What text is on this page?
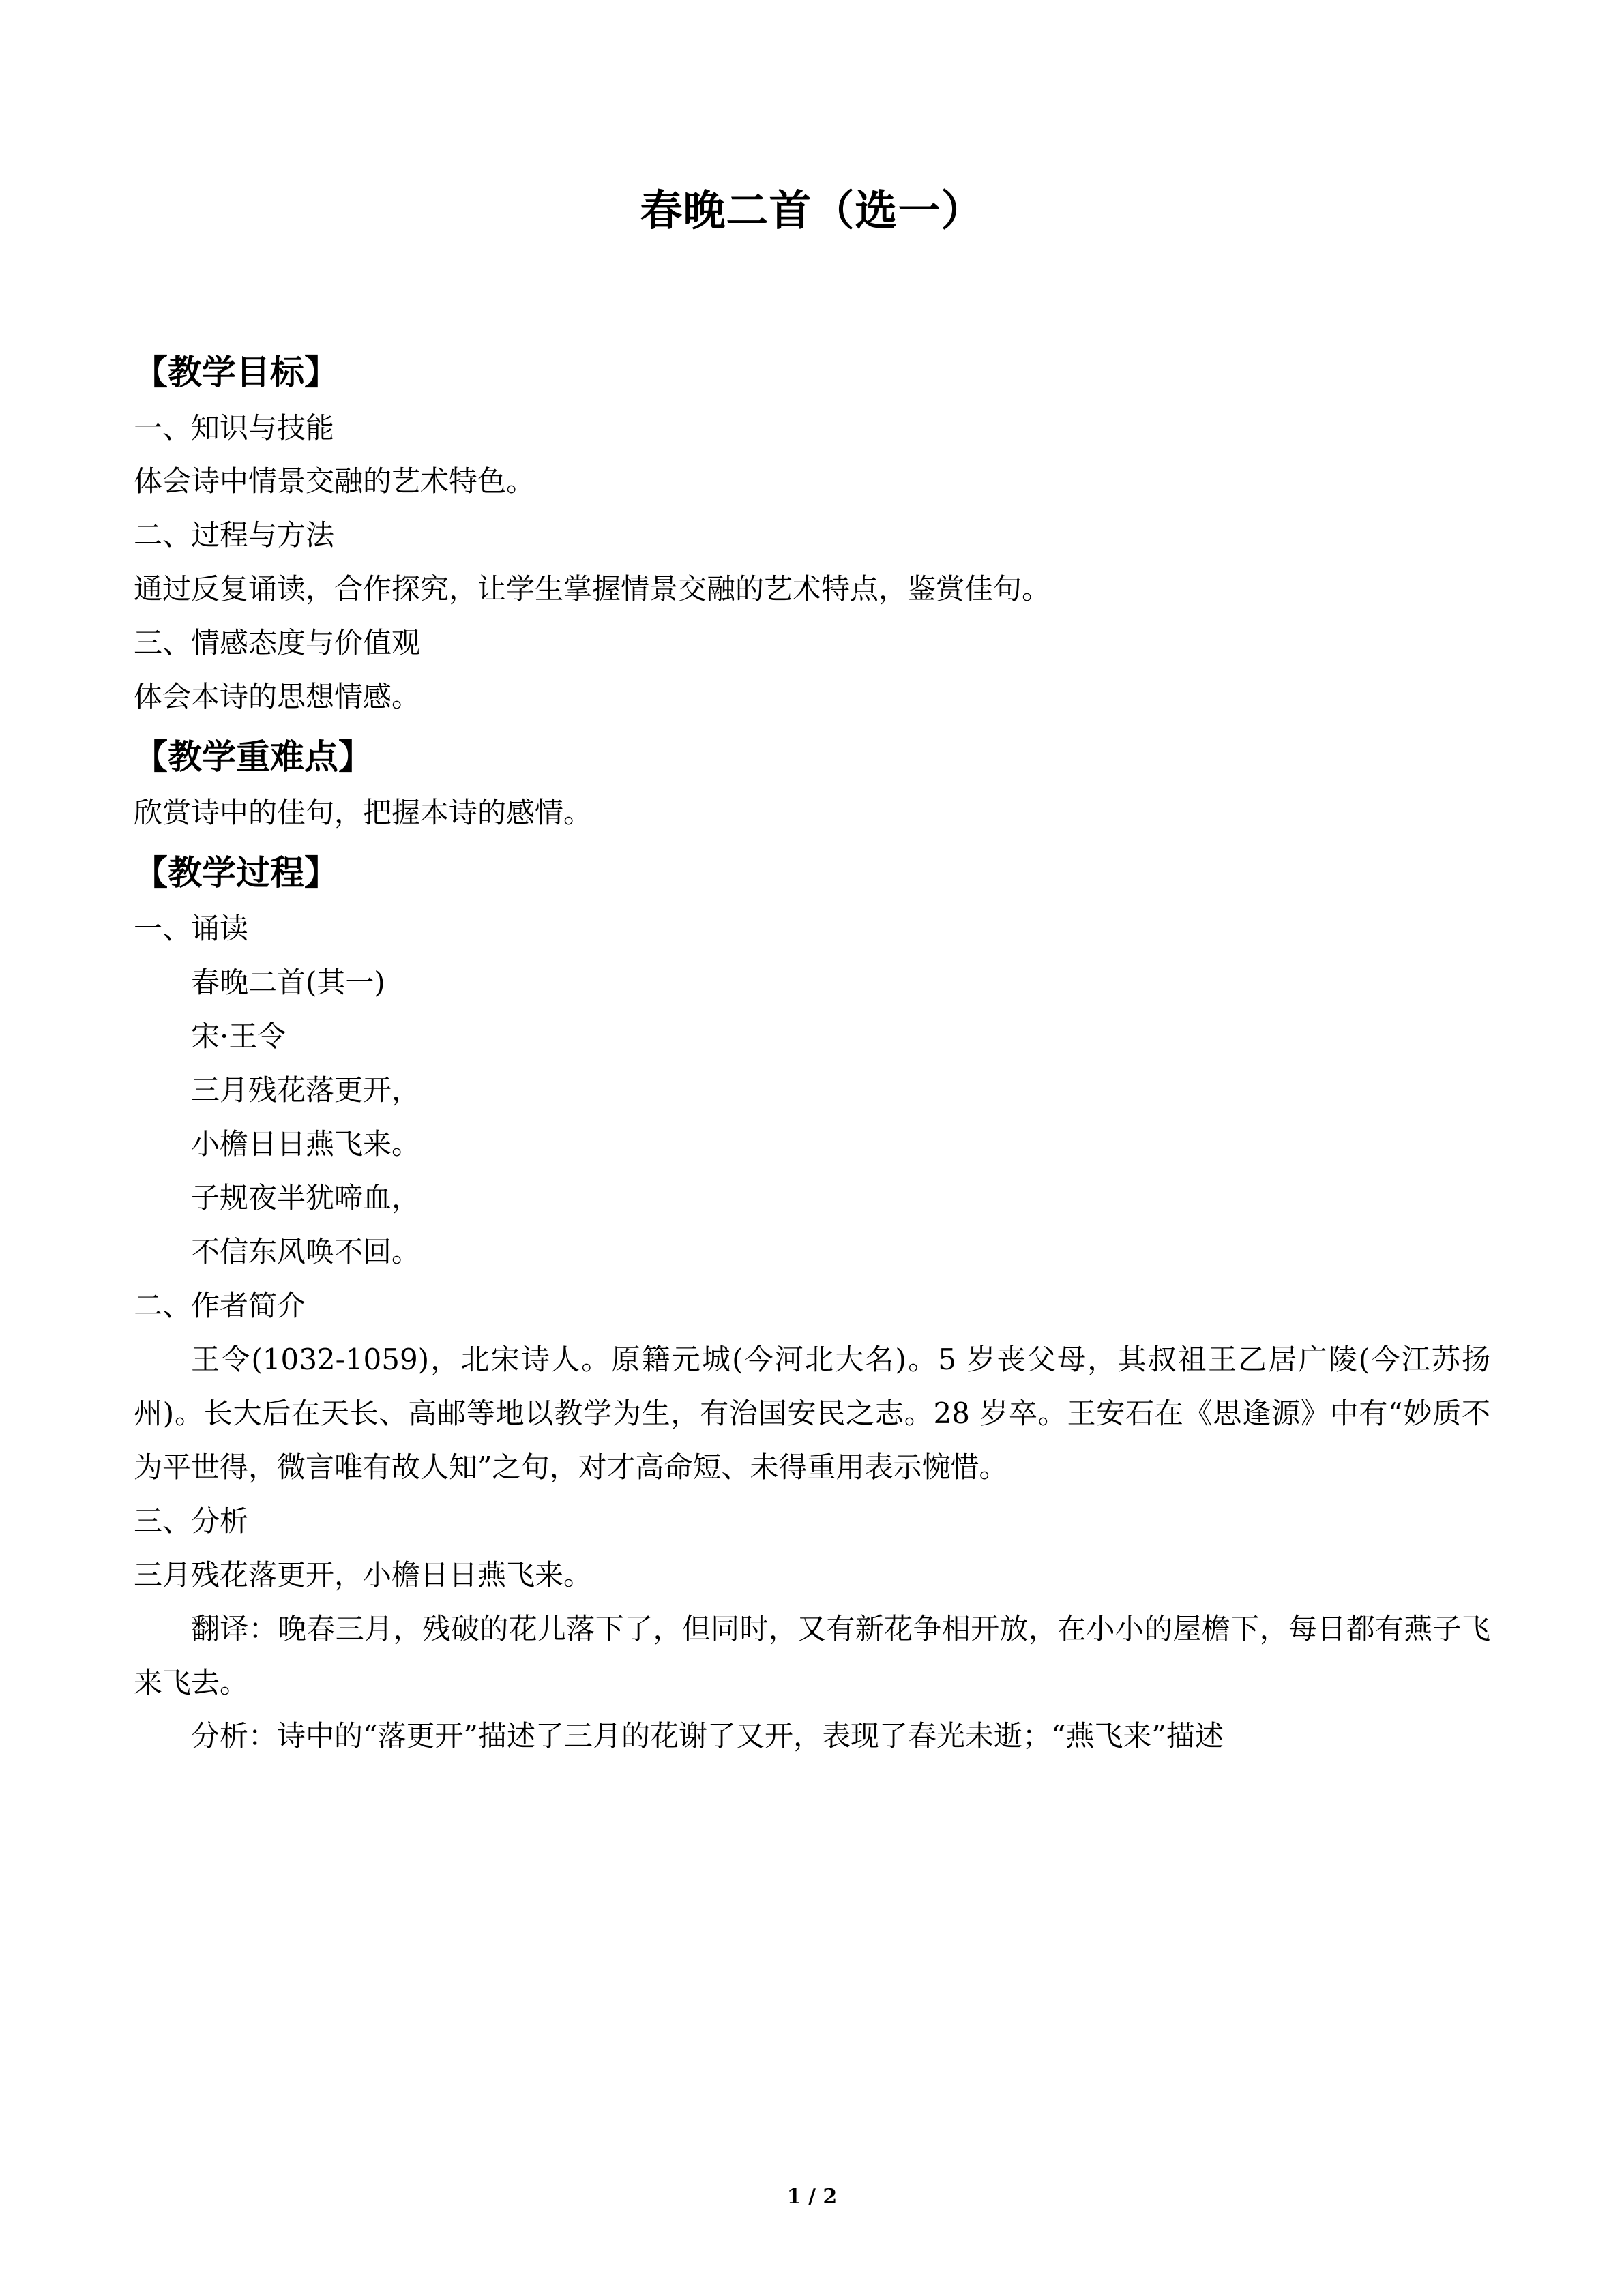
春晚二首（选一）
【教学目标】
一、知识与技能
体会诗中情景交融的艺术特色。
二、过程与方法
通过反复诵读，合作探究，让学生掌握情景交融的艺术特点，鉴赏佳句。
三、情感态度与价值观
体会本诗的思想情感。
【教学重难点】
欣赏诗中的佳句，把握本诗的感情。
【教学过程】
一、诵读
春晚二首(其一)
宋·王令
三月残花落更开，
小檐日日燕飞来。
子规夜半犹啼血，
不信东风唤不回。
二、作者简介
王令(1032-1059)，北宋诗人。原籍元城(今河北大名)。5 岁丧父母，其叔祖王乙居广陵(今江苏扬州)。长大后在天长、高邮等地以教学为生，有治国安民之志。28 岁卒。王安石在《思逢源》中有“妙质不为平世得，微言唯有故人知”之句，对才高命短、未得重用表示惋惜。
三、分析
三月残花落更开，小檐日日燕飞来。
翻译：晚春三月，残破的花儿落下了，但同时，又有新花争相开放，在小小的屋檐下，每日都有燕子飞来飞去。
分析：诗中的“落更开”描述了三月的花谢了又开，表现了春光未逝；“燕飞来”描述
1 / 2
